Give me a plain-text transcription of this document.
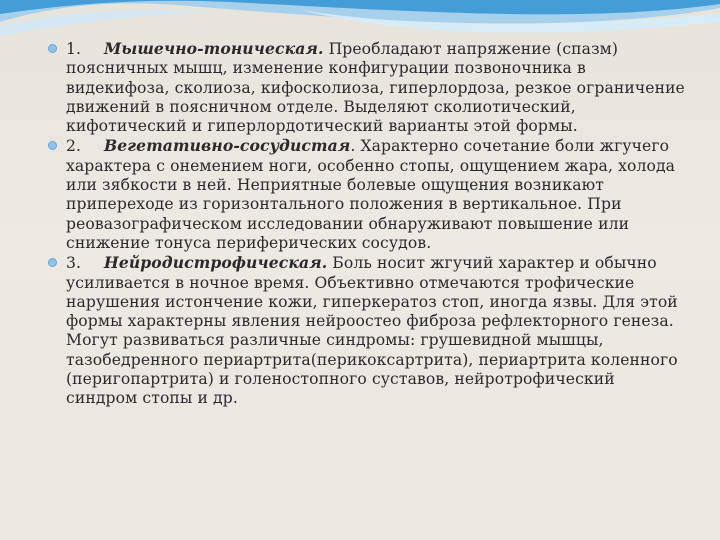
1. Мышечно-тоническая. Преобладают напряжение (спазм) поясничных мышц, изменение конфигурации позвоночника в видекифоза, сколиоза, кифосколиоза, гиперлордоза, резкое ограничение движений в поясничном отделе. Выделяют сколиотический, кифотический и гиперлордотический варианты этой формы.
2. Вегетативно-сосудистая. Характерно сочетание боли жгучего характера с онемением ноги, особенно стопы, ощущением жара, холода или зябкости в ней. Неприятные болевые ощущения возникают припереходе из горизонтального положения в вертикальное. При реовазографическом исследовании обнаруживают повышение или снижение тонуса периферических сосудов.
3. Нейродистрофическая. Боль носит жгучий характер и обычно усиливается в ночное время. Объективно отмечаются трофические нарушения истончение кожи, гиперкератоз стоп, иногда язвы. Для этой формы характерны явления нейроостео фиброза рефлекторного генеза. Могут развиваться различные синдромы: грушевидной мышцы, тазобедренного периартрита(перикоксартрита), периартрита коленного (перигопартрита) и голеностопного суставов, нейротрофический синдром стопы и др.
